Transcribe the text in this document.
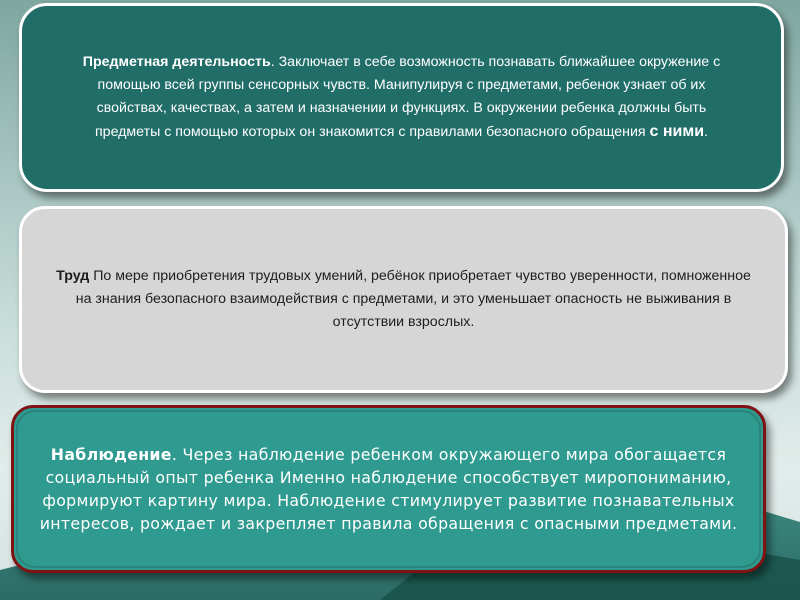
Предметная деятельность. Заключает в себе возможность познавать ближайшее окружение с помощью всей группы сенсорных чувств. Манипулируя с предметами, ребенок узнает об их свойствах, качествах, а затем и назначении и функциях. В окружении ребенка должны быть предметы с помощью которых он знакомится с правилами безопасного обращения с ними.
Труд По мере приобретения трудовых умений, ребёнок приобретает чувство уверенности, помноженное на знания безопасного взаимодействия с предметами, и это уменьшает опасность не выживания в отсутствии взрослых.
Наблюдение. Через наблюдение ребенком окружающего мира обогащается социальный опыт ребенка Именно наблюдение способствует миропониманию, формируют картину мира. Наблюдение стимулирует развитие познавательных интересов, рождает и закрепляет правила обращения с опасными предметами.
